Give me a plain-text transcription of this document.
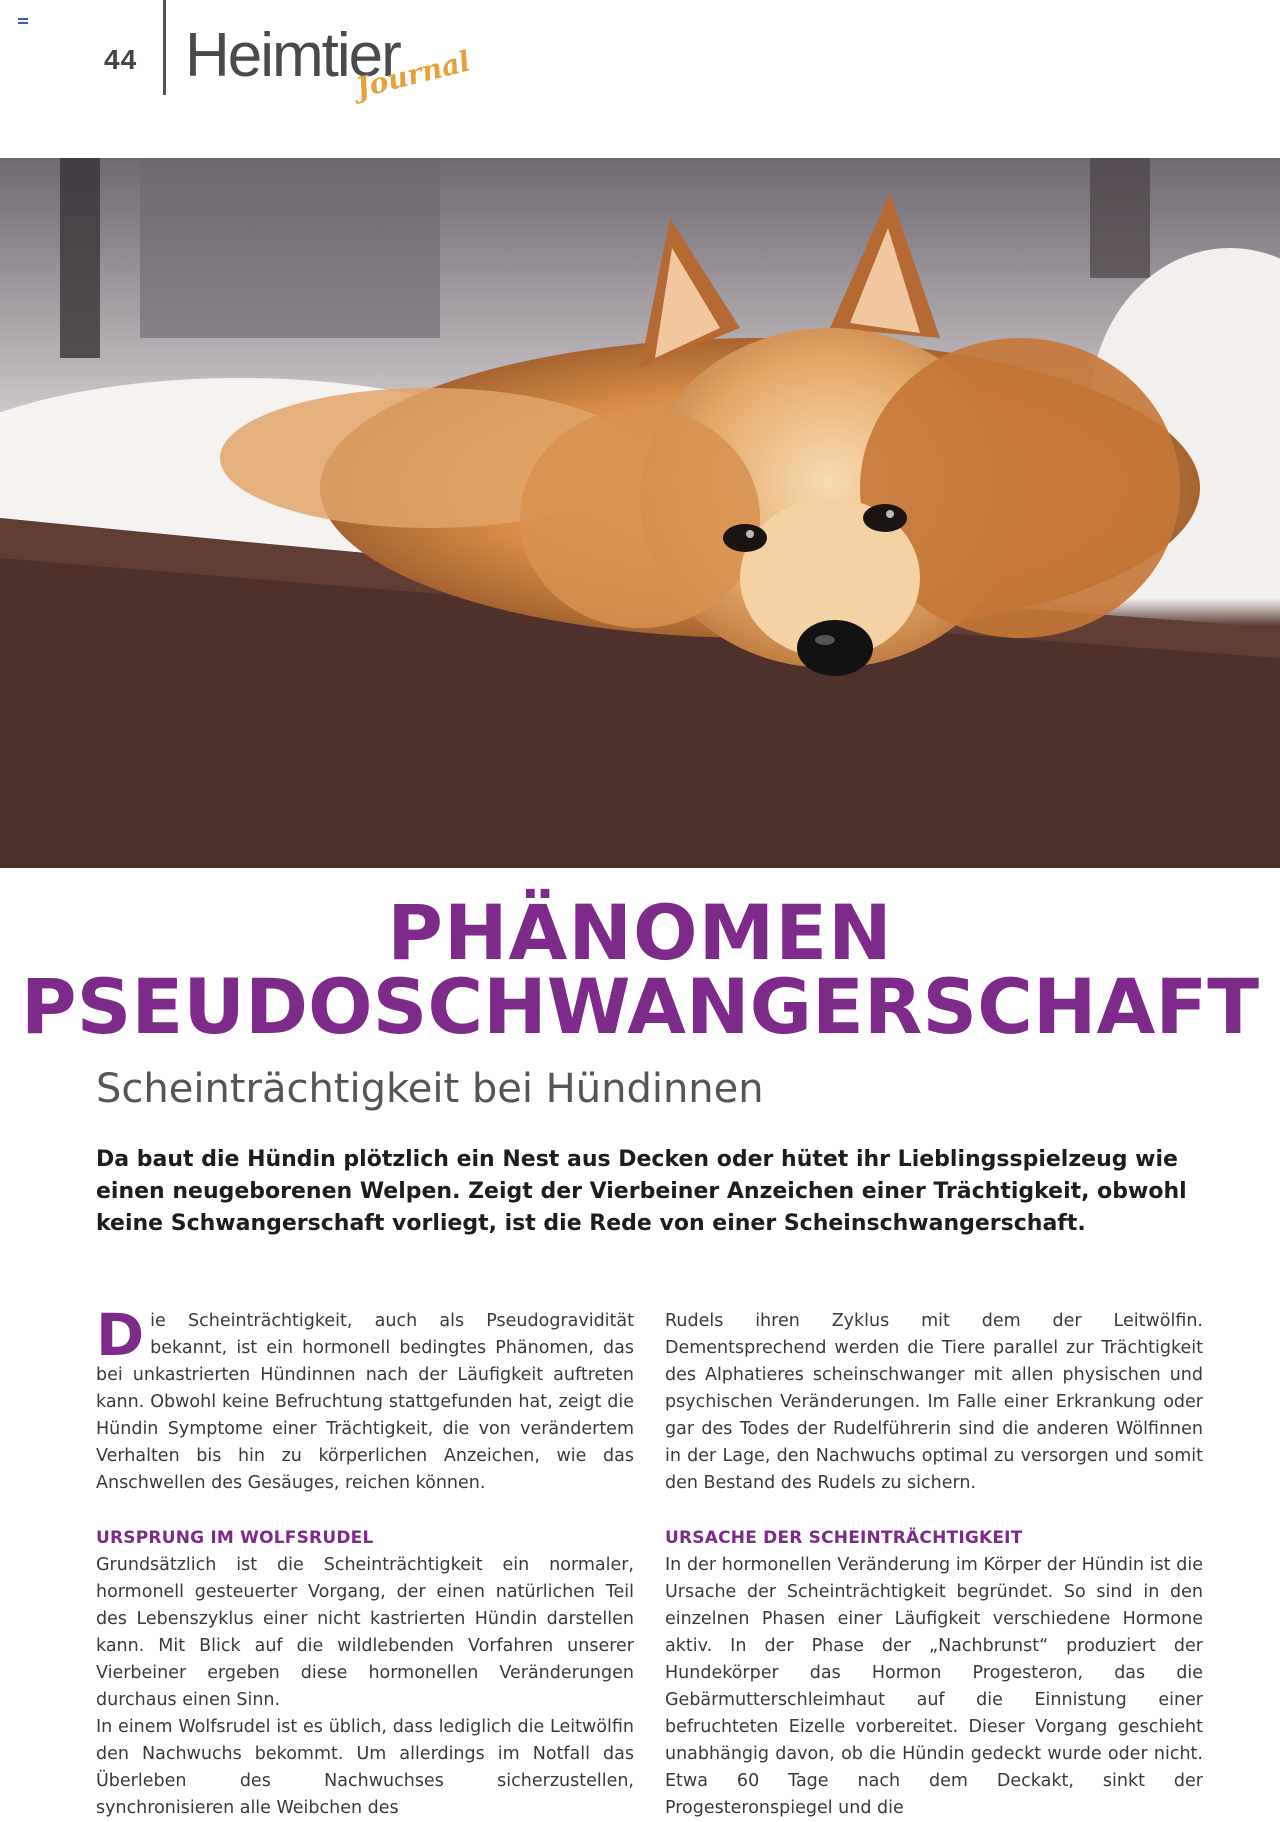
44 Heimtier
Journal
PHÄNOMEN
PSEUDOSCHWANGERSCHAFT
Scheinträchtigkeit bei Hündinnen
Da baut die Hündin plötzlich ein Nest aus Decken oder hütet ihr Lieblingsspielzeug wie einen neugeborenen Welpen. Zeigt der Vierbeiner Anzeichen einer Trächtigkeit, obwohl keine Schwangerschaft vorliegt, ist die Rede von einer Scheinschwangerschaft.

Die Scheinträchtigkeit, auch als Pseudogravidität bekannt, ist ein hormonell bedingtes Phänomen, das bei unkastrierten Hündinnen nach der Läufigkeit auftreten kann. Obwohl keine Befruchtung stattgefunden hat, zeigt die Hündin Symptome einer Trächtigkeit, die von verändertem Verhalten bis hin zu körperlichen Anzeichen, wie das Anschwellen des Gesäuges, reichen können.

URSPRUNG IM WOLFSRUDEL

Grundsätzlich ist die Scheinträchtigkeit ein normaler, hormonell gesteuerter Vorgang, der einen natürlichen Teil des Lebenszyklus einer nicht kastrierten Hündin darstellen kann. Mit Blick auf die wildlebenden Vorfahren unserer Vierbeiner ergeben diese hormonellen Veränderungen durchaus einen Sinn.

In einem Wolfsrudel ist es üblich, dass lediglich die Leitwölfin den Nachwuchs bekommt. Um allerdings im Notfall das Überleben des Nachwuchses sicherzustellen, synchronisieren alle Weibchen des

Rudels ihren Zyklus mit dem der Leitwölfin. Dementsprechend werden die Tiere parallel zur Trächtigkeit des Alphatieres scheinschwanger mit allen physischen und psychischen Veränderungen. Im Falle einer Erkrankung oder gar des Todes der Rudelführerin sind die anderen Wölfinnen in der Lage, den Nachwuchs optimal zu versorgen und somit den Bestand des Rudels zu sichern.

URSACHE DER SCHEINTRÄCHTIGKEIT

In der hormonellen Veränderung im Körper der Hündin ist die Ursache der Scheinträchtigkeit begründet. So sind in den einzelnen Phasen einer Läufigkeit verschiedene Hormone aktiv. In der Phase der „Nachbrunst“ produziert der Hundekörper das Hormon Progesteron, das die Gebärmutterschleimhaut auf die Einnistung einer befruchteten Eizelle vorbereitet. Dieser Vorgang geschieht unabhängig davon, ob die Hündin gedeckt wurde oder nicht. Etwa 60 Tage nach dem Deckakt, sinkt der Progesteronspiegel und die
